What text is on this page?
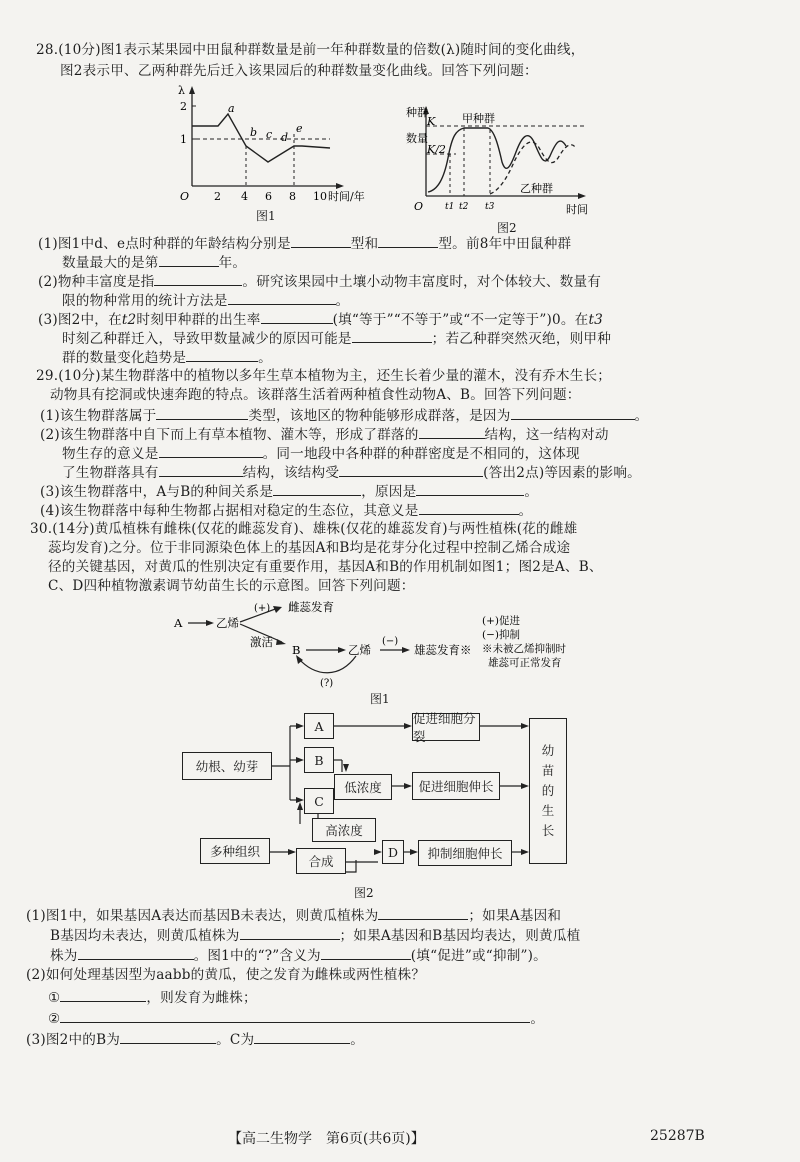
28.(10分)图1表示某果园中田鼠种群数量是前一年种群数量的倍数(λ)随时间的变化曲线，
图2表示甲、乙两种群先后迁入该果园后的种群数量变化曲线。回答下列问题：
λ
2
1
O 2 4 6 8 10 时间/年
a
b c d
e
图1
种群
数量
K
K/2
O t1 t2 t3	时间
甲种群
乙种群
图2
(1)图1中d、e点时种群的年龄结构分别是	型和	型。前8年中田鼠种群
数量最大的是第	年。
(2)物种丰富度是指	。研究该果园中土壤小动物丰富度时，对个体较大、数量有
限的物种常用的统计方法是	。
(3)图2中，在t2时刻甲种群的出生率	(填“等于”“不等于”或“不一定等于”)0。在t3
时刻乙种群迁入，导致甲数量减少的原因可能是	；若乙种群突然灭绝，则甲种
群的数量变化趋势是	。
29.(10分)某生物群落中的植物以多年生草本植物为主，还生长着少量的灌木，没有乔木生长；
动物具有挖洞或快速奔跑的特点。该群落生活着两种植食性动物A、B。回答下列问题：
(1)该生物群落属于	类型，该地区的物种能够形成群落，是因为	。
(2)该生物群落中自下而上有草本植物、灌木等，形成了群落的	结构，这一结构对动
物生存的意义是	。同一地段中各种群的种群密度是不相同的，这体现
了生物群落具有	结构，该结构受	(答出2点)等因素的影响。
(3)该生物群落中，A与B的种间关系是	，原因是	。
(4)该生物群落中每种生物都占据相对稳定的生态位，其意义是	。
30.(14分)黄瓜植株有雌株(仅花的雌蕊发育)、雄株(仅花的雄蕊发育)与两性植株(花的雌雄
蕊均发育)之分。位于非同源染色体上的基因A和B均是花芽分化过程中控制乙烯合成途
径的关键基因，对黄瓜的性别决定有重要作用，基因A和B的作用机制如图1；图2是A、B、
C、D四种植物激素调节幼苗生长的示意图。回答下列问题：
A	乙烯
(+) 雌蕊发育
激活
B	乙烯
(−)
雄蕊发育※
(?)
(+)促进
(−)抑制
※未被乙烯抑制时
雄蕊可正常发育
图1
幼根、幼芽
A
B
C
低浓度
高浓度
促进细胞分裂
促进细胞伸长
多种组织
合成
D	抑制细胞伸长
幼苗的生长
图2
(1)图1中，如果基因A表达而基因B未表达，则黄瓜植株为	；如果A基因和
B基因均未表达，则黄瓜植株为	；如果A基因和B基因均表达，则黄瓜植
株为	。图1中的“?”含义为	(填“促进”或“抑制”)。
(2)如何处理基因型为aabb的黄瓜，使之发育为雌株或两性植株？
①	，则发育为雌株；
②	。
(3)图2中的B为	。C为	。
【高二生物学　第6页(共6页)】	25287B
